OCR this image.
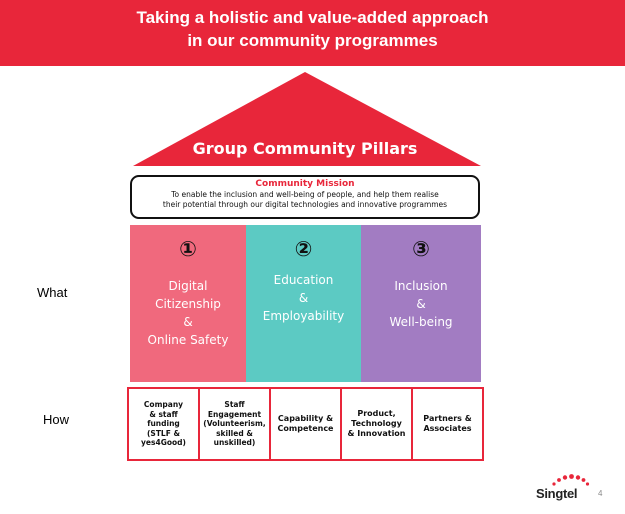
Taking a holistic and value-added approach
in our community programmes
Group Community Pillars
Community Mission
To enable the inclusion and well-being of people, and help them realise
their potential through our digital technologies and innovative programmes
What
How
①
Digital
Citizenship
&
Online Safety
②
Education
&
Employability
③
Inclusion
&
Well-being
Company
& staff
funding
(STLF &
yes4Good)
Staff
Engagement
(Volunteerism,
skilled &
unskilled)
Capability &
Competence
Product,
Technology
& Innovation
Partners &
Associates
Singtel	4
